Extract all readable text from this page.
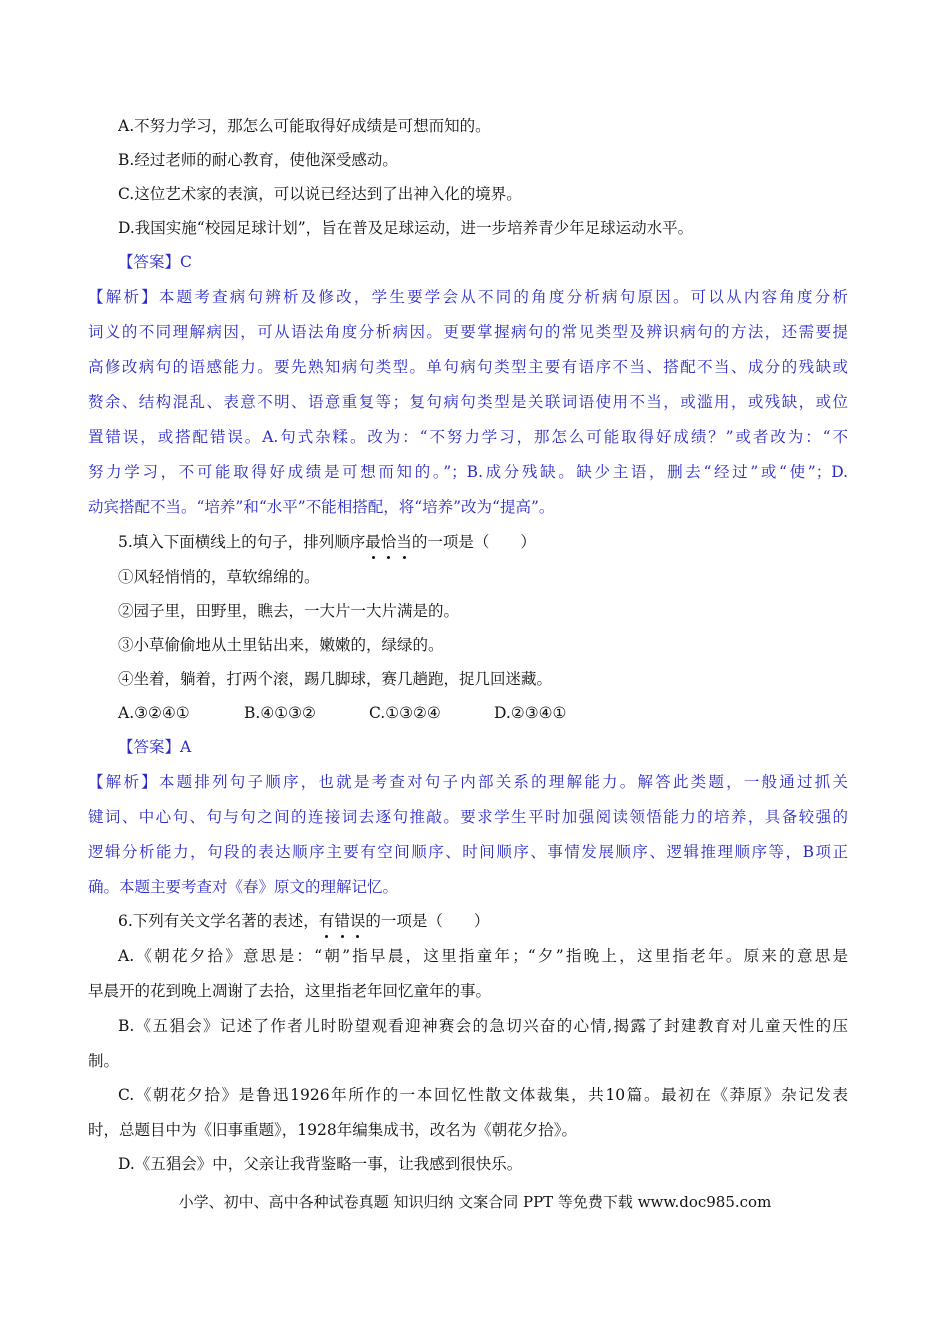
A.不努力学习，那怎么可能取得好成绩是可想而知的。
B.经过老师的耐心教育，使他深受感动。
C.这位艺术家的表演，可以说已经达到了出神入化的境界。
D.我国实施“校园足球计划”，旨在普及足球运动，进一步培养青少年足球运动水平。
【答案】C
【解析】本题考查病句辨析及修改，学生要学会从不同的角度分析病句原因。可以从内容角度分析
词义的不同理解病因，可从语法角度分析病因。更要掌握病句的常见类型及辨识病句的方法，还需要提
高修改病句的语感能力。要先熟知病句类型。单句病句类型主要有语序不当、搭配不当、成分的残缺或
赘余、结构混乱、表意不明、语意重复等；复句病句类型是关联词语使用不当，或滥用，或残缺，或位
置错误，或搭配错误。A.句式杂糅。改为：“不努力学习，那怎么可能取得好成绩？”或者改为：“不
努力学习，不可能取得好成绩是可想而知的。”；B.成分残缺。缺少主语，删去“经过”或“使”；D.
动宾搭配不当。“培养”和“水平”不能相搭配，将“培养”改为“提高”。
5.填入下面横线上的句子，排列顺序最
恰
当
的一项是（　　）
①风轻悄悄的，草软绵绵的。
②园子里，田野里，瞧去，一大片一大片满是的。
③小草偷偷地从土里钻出来，嫩嫩的，绿绿的。
④坐着，躺着，打两个滚，踢几脚球，赛几趟跑，捉几回迷藏。
A.③②④①	B.④①③②	C.①③②④	D.②③④①
【答案】A
【解析】本题排列句子顺序，也就是考查对句子内部关系的理解能力。解答此类题，一般通过抓关
键词、中心句、句与句之间的连接词去逐句推敲。要求学生平时加强阅读领悟能力的培养，具备较强的
逻辑分析能力，句段的表达顺序主要有空间顺序、时间顺序、事情发展顺序、逻辑推理顺序等，B项正
确。本题主要考查对《春》原文的理解记忆。
6.下列有关文学名著的表述，有
错
误
的一项是（　　）
A.《朝花夕拾》意思是：“朝”指早晨，这里指童年；“夕”指晚上，这里指老年。原来的意思是
早晨开的花到晚上凋谢了去拾，这里指老年回忆童年的事。
B.《五猖会》记述了作者儿时盼望观看迎神赛会的急切兴奋的心情,揭露了封建教育对儿童天性的压
制。
C.《朝花夕拾》是鲁迅1926年所作的一本回忆性散文体裁集，共10篇。最初在《莽原》杂记发表
时，总题目中为《旧事重题》，1928年编集成书，改名为《朝花夕拾》。
D.《五猖会》中，父亲让我背鉴略一事，让我感到很快乐。
小学、初中、高中各种试卷真题 知识归纳 文案合同 PPT 等免费下载 www.doc985.com
